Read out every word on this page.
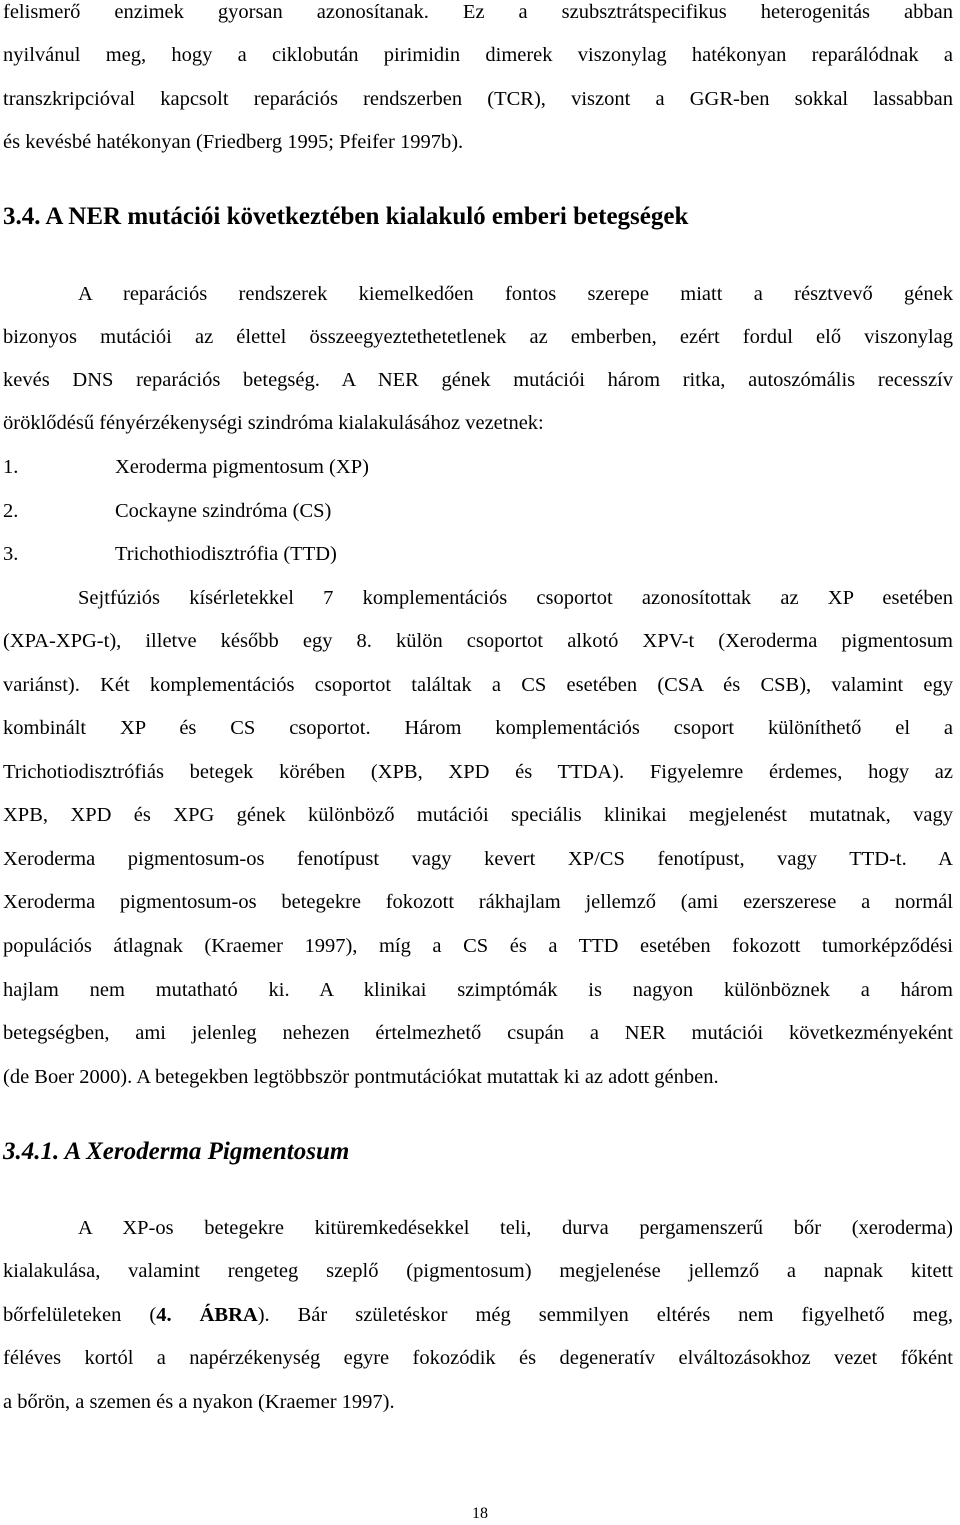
felismerő enzimek gyorsan azonosítanak. Ez a szubsztrátspecifikus heterogenitás abban
nyilvánul meg, hogy a ciklobután pirimidin dimerek viszonylag hatékonyan reparálódnak a
transzkripcióval kapcsolt reparációs rendszerben (TCR), viszont a GGR-ben sokkal lassabban
és kevésbé hatékonyan (Friedberg 1995; Pfeifer 1997b).
3.4. A NER mutációi következtében kialakuló emberi betegségek
A reparációs rendszerek kiemelkedően fontos szerepe miatt a résztvevő gének
bizonyos mutációi az élettel összeegyeztethetetlenek az emberben, ezért fordul elő viszonylag
kevés DNS reparációs betegség. A NER gének mutációi három ritka, autoszómális recesszív
öröklődésű fényérzékenységi szindróma kialakulásához vezetnek:
1.	Xeroderma pigmentosum (XP)
2.	Cockayne szindróma (CS)
3.	Trichothiodisztrófia (TTD)
Sejtfúziós kísérletekkel 7 komplementációs csoportot azonosítottak az XP esetében
(XPA-XPG-t), illetve később egy 8. külön csoportot alkotó XPV-t (Xeroderma pigmentosum
variánst). Két komplementációs csoportot találtak a CS esetében (CSA és CSB), valamint egy
kombinált XP és CS csoportot. Három komplementációs csoport különíthető el a
Trichotiodisztrófiás betegek körében (XPB, XPD és TTDA). Figyelemre érdemes, hogy az
XPB, XPD és XPG gének különböző mutációi speciális klinikai megjelenést mutatnak, vagy
Xeroderma pigmentosum-os fenotípust vagy kevert XP/CS fenotípust, vagy TTD-t. A
Xeroderma pigmentosum-os betegekre fokozott rákhajlam jellemző (ami ezerszerese a normál
populációs átlagnak (Kraemer 1997), míg a CS és a TTD esetében fokozott tumorképződési
hajlam nem mutatható ki. A klinikai szimptómák is nagyon különböznek a három
betegségben, ami jelenleg nehezen értelmezhető csupán a NER mutációi következményeként
(de Boer 2000). A betegekben legtöbbször pontmutációkat mutattak ki az adott génben.
3.4.1. A Xeroderma Pigmentosum
A XP-os betegekre kitüremkedésekkel teli, durva pergamenszerű bőr (xeroderma)
kialakulása, valamint rengeteg szeplő (pigmentosum) megjelenése jellemző a napnak kitett
bőrfelületeken (4. ÁBRA). Bár születéskor még semmilyen eltérés nem figyelhető meg,
féléves kortól a napérzékenység egyre fokozódik és degeneratív elváltozásokhoz vezet főként
a bőrön, a szemen és a nyakon (Kraemer 1997).
18
